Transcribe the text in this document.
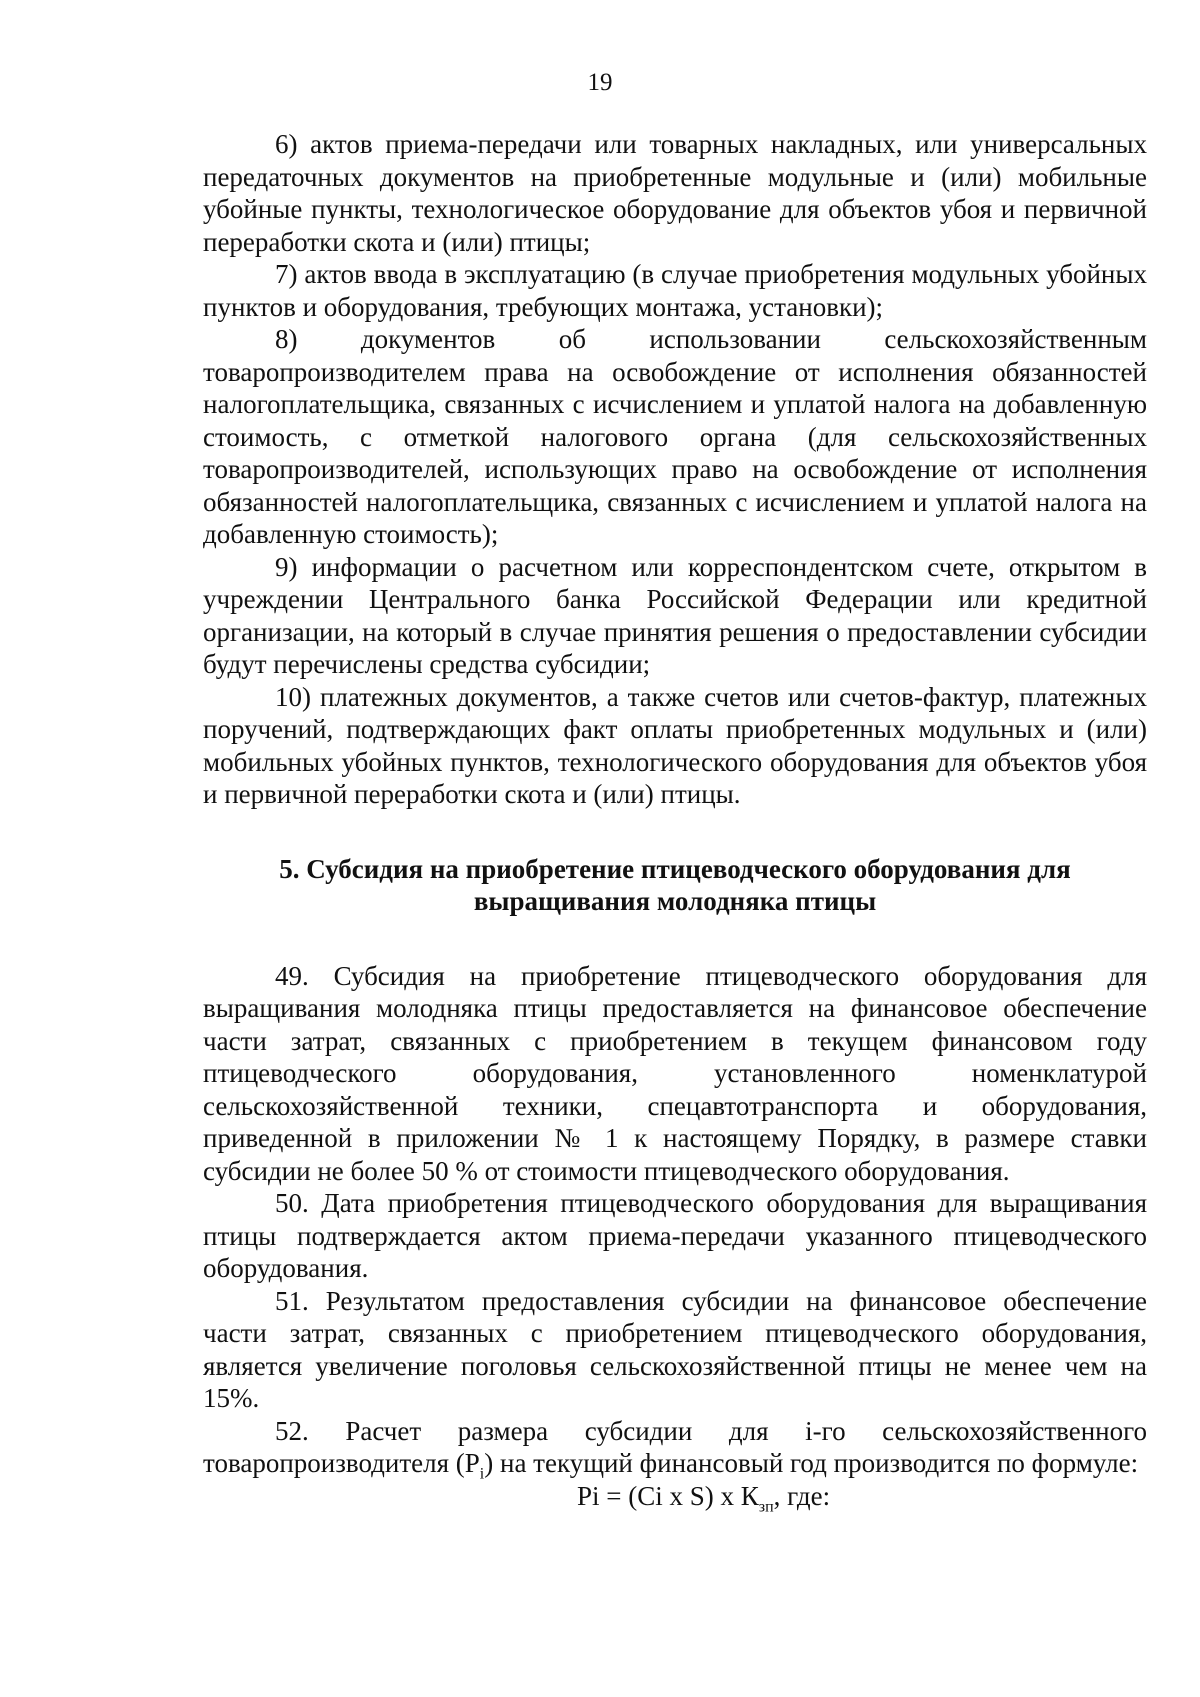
19

6) актов приема-передачи или товарных накладных, или универсальных передаточных документов на приобретенные модульные и (или) мобильные убойные пункты, технологическое оборудование для объектов убоя и первичной переработки скота и (или) птицы;

7) актов ввода в эксплуатацию (в случае приобретения модульных убойных пунктов и оборудования, требующих монтажа, установки);

8) документов об использовании сельскохозяйственным товаропроизводителем права на освобождение от исполнения обязанностей налогоплательщика, связанных с исчислением и уплатой налога на добавленную стоимость, с отметкой налогового органа (для сельскохозяйственных товаропроизводителей, использующих право на освобождение от исполнения обязанностей налогоплательщика, связанных с исчислением и уплатой налога на добавленную стоимость);

9) информации о расчетном или корреспондентском счете, открытом в учреждении Центрального банка Российской Федерации или кредитной организации, на который в случае принятия решения о предоставлении субсидии будут перечислены средства субсидии;

10) платежных документов, а также счетов или счетов-фактур, платежных поручений, подтверждающих факт оплаты приобретенных модульных и (или) мобильных убойных пунктов, технологического оборудования для объектов убоя и первичной переработки скота и (или) птицы.

5. Субсидия на приобретение птицеводческого оборудования для
выращивания молодняка птицы

49. Субсидия на приобретение птицеводческого оборудования для выращивания молодняка птицы предоставляется на финансовое обеспечение части затрат, связанных с приобретением в текущем финансовом году птицеводческого оборудования, установленного номенклатурой сельскохозяйственной техники, спецавтотранспорта и оборудования, приведенной в приложении № 1 к настоящему Порядку, в размере ставки субсидии не более 50 % от стоимости птицеводческого оборудования.

50. Дата приобретения птицеводческого оборудования для выращивания птицы подтверждается актом приема-передачи указанного птицеводческого оборудования.

51. Результатом предоставления субсидии на финансовое обеспечение части затрат, связанных с приобретением птицеводческого оборудования, является увеличение поголовья сельскохозяйственной птицы не менее чем на 15%.

52. Расчет размера субсидии для i-го сельскохозяйственного товаропроизводителя $(P_i)$ на текущий финансовый год производится по формуле:

Pi = (Ci x S) x $К_{зп}$, где:
